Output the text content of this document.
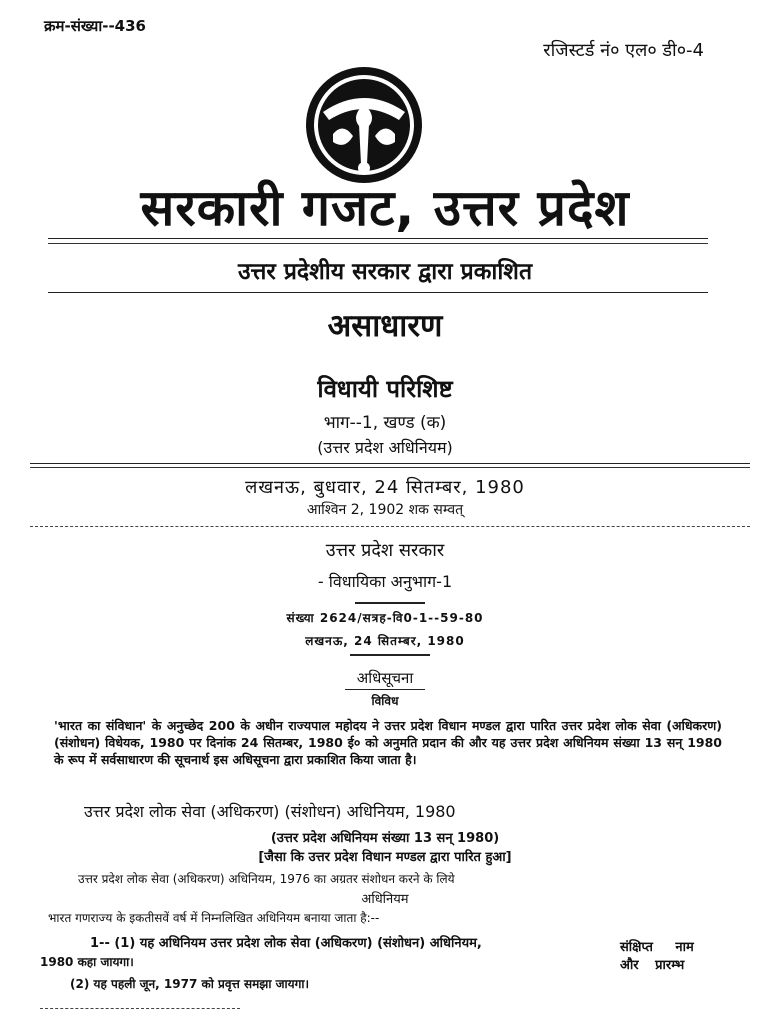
क्रम-संख्या--436
रजिस्टर्ड नं० एल० डी०-4
सरकारी गजट, उत्तर प्रदेश
उत्तर प्रदेशीय सरकार द्वारा प्रकाशित
असाधारण
विधायी परिशिष्ट
भाग--1, खण्ड (क)
(उत्तर प्रदेश अधिनियम)
लखनऊ, बुधवार, 24 सितम्बर, 1980
आश्विन 2, 1902 शक सम्वत्
उत्तर प्रदेश सरकार
- विधायिका अनुभाग-1
संख्या 2624/सत्रह-वि0-1--59-80
लखनऊ, 24 सितम्बर, 1980
अधिसूचना
विविध
'भारत का संविधान' के अनुच्छेद 200 के अधीन राज्यपाल महोदय ने उत्तर प्रदेश विधान मण्डल द्वारा पारित उत्तर प्रदेश लोक सेवा (अधिकरण) (संशोधन) विधेयक, 1980 पर दिनांक 24 सितम्बर, 1980 ई० को अनुमति प्रदान की और यह उत्तर प्रदेश अधिनियम संख्या 13 सन् 1980 के रूप में सर्वसाधारण की सूचनार्थ इस अधिसूचना द्वारा प्रकाशित किया जाता है।
उत्तर प्रदेश लोक सेवा (अधिकरण) (संशोधन) अधिनियम, 1980
(उत्तर प्रदेश अधिनियम संख्या 13 सन् 1980)
[जैसा कि उत्तर प्रदेश विधान मण्डल द्वारा पारित हुआ]
उत्तर प्रदेश लोक सेवा (अधिकरण) अधिनियम, 1976 का अग्रतर संशोधन करने के लिये
अधिनियम
भारत गणराज्य के इकतीसवें वर्ष में निम्नलिखित अधिनियम बनाया जाता है:--
1-- (1) यह अधिनियम उत्तर प्रदेश लोक सेवा (अधिकरण) (संशोधन) अधिनियम,	संक्षिप्त नाम
1980 कहा जायगा।	और प्रारम्भ
(2) यह पहली जून, 1977 को प्रवृत्त समझा जायगा।
